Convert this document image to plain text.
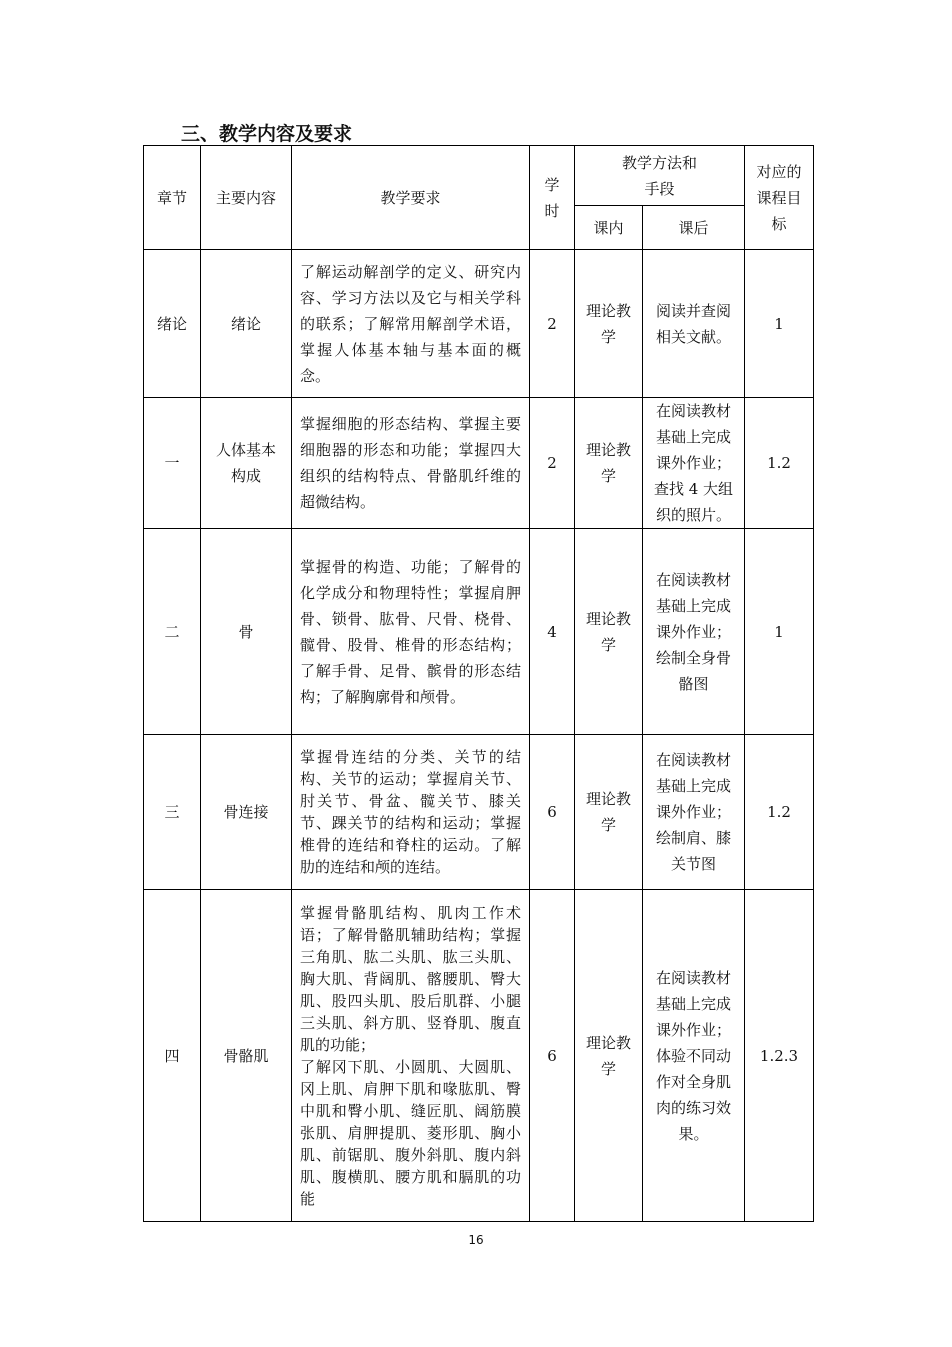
三、教学内容及要求
章节	主要内容	教学要求	学时	教学方法和手段		对应的课程目标
				课内	课后	
绪论	绪论	了解运动解剖学的定义、研究内容、学习方法以及它与相关学科的联系；了解常用解剖学术语，掌握人体基本轴与基本面的概念。	2	理论教学	阅读并查阅相关文献。	1
一	人体基本构成	掌握细胞的形态结构、掌握主要细胞器的形态和功能；掌握四大组织的结构特点、骨骼肌纤维的超微结构。	2	理论教学	在阅读教材基础上完成课外作业；查找 4 大组织的照片。	1.2
二	骨	掌握骨的构造、功能；了解骨的化学成分和物理特性；掌握肩胛骨、锁骨、肱骨、尺骨、桡骨、髋骨、股骨、椎骨的形态结构；了解手骨、足骨、髌骨的形态结构；了解胸廓骨和颅骨。	4	理论教学	在阅读教材基础上完成课外作业；绘制全身骨骼图	1
三	骨连接	掌握骨连结的分类、关节的结构、关节的运动；掌握肩关节、肘关节、骨盆、髋关节、膝关节、踝关节的结构和运动；掌握椎骨的连结和脊柱的运动。了解肋的连结和颅的连结。	6	理论教学	在阅读教材基础上完成课外作业；绘制肩、膝关节图	1.2
四	骨骼肌	掌握骨骼肌结构、肌肉工作术语；了解骨骼肌辅助结构；掌握三角肌、肱二头肌、肱三头肌、胸大肌、背阔肌、髂腰肌、臀大肌、股四头肌、股后肌群、小腿三头肌、斜方肌、竖脊肌、腹直肌的功能；
了解冈下肌、小圆肌、大圆肌、冈上肌、肩胛下肌和喙肱肌、臀中肌和臀小肌、缝匠肌、阔筋膜张肌、肩胛提肌、菱形肌、胸小肌、前锯肌、腹外斜肌、腹内斜肌、腹横肌、腰方肌和膈肌的功能	6	理论教学	在阅读教材基础上完成课外作业；体验不同动作对全身肌肉的练习效果。	1.2.3
16
